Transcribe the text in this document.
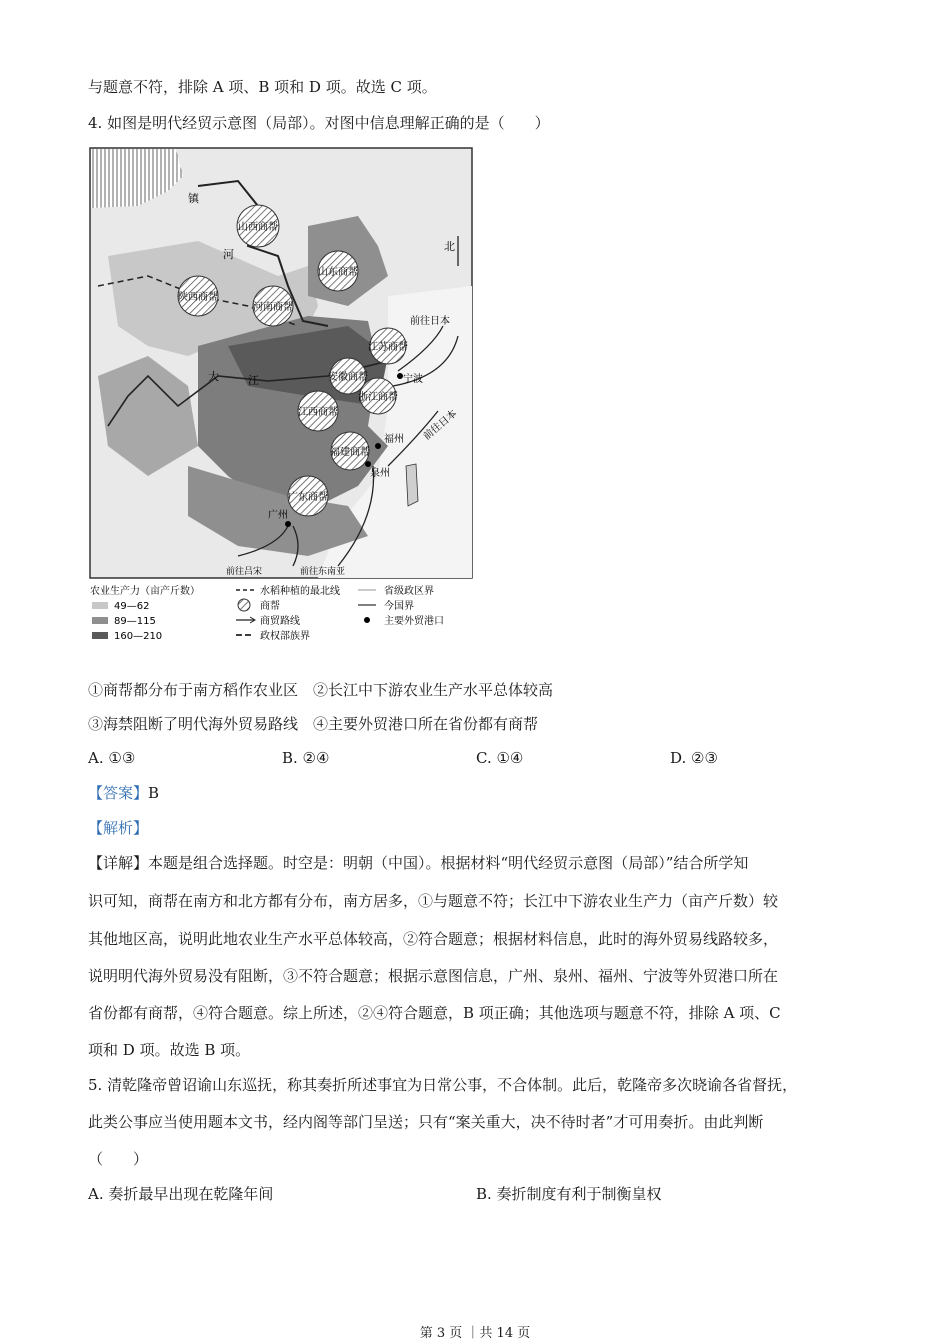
与题意不符，排除 A 项、B 项和 D 项。故选 C 项。
4. 如图是明代经贸示意图（局部）。对图中信息理解正确的是（　　）
山西商帮
陕西商帮
河南商帮
山东商帮
江苏商帮
安徽商帮
江西商帮
浙江商帮
福建商帮
广东商帮
宁波
福州
泉州
广州
北
前往日本
前往日本
前往吕宋	前往东南亚
镇
河
大	江
农业生产力（亩产斤数）
49—62
89—115
160—210
水稻种植的最北线
商帮
商贸路线
政权部族界
省级政区界
今国界
主要外贸港口
①商帮都分布于南方稻作农业区　②长江中下游农业生产水平总体较高
③海禁阻断了明代海外贸易路线　④主要外贸港口所在省份都有商帮
A. ①③	B. ②④	C. ①④	D. ②③
【答案】B
【解析】
【详解】本题是组合选择题。时空是：明朝（中国）。根据材料“明代经贸示意图（局部）”结合所学知
识可知，商帮在南方和北方都有分布，南方居多，①与题意不符；长江中下游农业生产力（亩产斤数）较
其他地区高，说明此地农业生产水平总体较高，②符合题意；根据材料信息，此时的海外贸易线路较多，
说明明代海外贸易没有阻断，③不符合题意；根据示意图信息，广州、泉州、福州、宁波等外贸港口所在
省份都有商帮，④符合题意。综上所述，②④符合题意，B 项正确；其他选项与题意不符，排除 A 项、C
项和 D 项。故选 B 项。
5. 清乾隆帝曾诏谕山东巡抚，称其奏折所述事宜为日常公事，不合体制。此后，乾隆帝多次晓谕各省督抚，
此类公事应当使用题本文书，经内阁等部门呈送；只有“案关重大，决不待时者”才可用奏折。由此判断
（　　）
A. 奏折最早出现在乾隆年间	B. 奏折制度有利于制衡皇权
第 3 页 ｜共 14 页
